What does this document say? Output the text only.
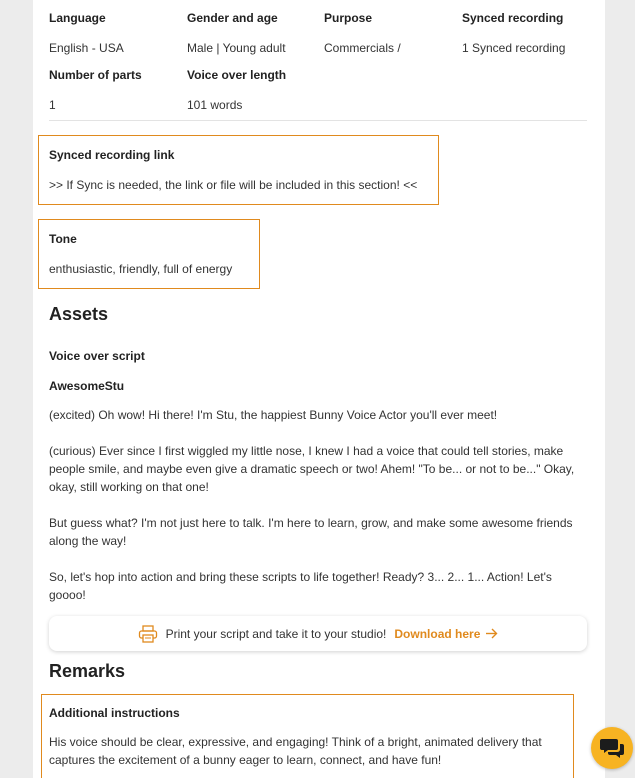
Language
English - USA
Gender and age
Male | Young adult
Purpose
Commercials /
Synced recording
1 Synced recording
Number of parts
1
Voice over length
101 words
Synced recording link
>> If Sync is needed, the link or file will be included in this section! <<
Tone
enthusiastic, friendly, full of energy
Assets
Voice over script
AwesomeStu
(excited) Oh wow! Hi there! I'm Stu, the happiest Bunny Voice Actor you'll ever meet!
(curious) Ever since I first wiggled my little nose, I knew I had a voice that could tell stories, make people smile, and maybe even give a dramatic speech or two! Ahem! "To be... or not to be..." Okay, okay, still working on that one!
But guess what? I'm not just here to talk. I'm here to learn, grow, and make some awesome friends along the way!
So, let's hop into action and bring these scripts to life together! Ready? 3... 2... 1... Action! Let's goooo!
Print your script and take it to your studio! Download here
Remarks
Additional instructions
His voice should be clear, expressive, and engaging! Think of a bright, animated delivery that captures the excitement of a bunny eager to learn, connect, and have fun!
